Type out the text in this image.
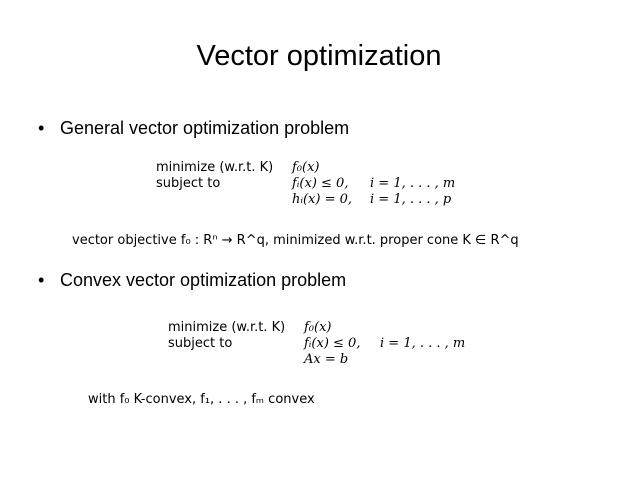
Vector optimization
• General vector optimization problem
minimize (w.r.t. K) f₀(x)
subject to	fᵢ(x) ≤ 0, i = 1, . . . , m
hᵢ(x) = 0, i = 1, . . . , p
vector objective f₀ : Rⁿ → R^q, minimized w.r.t. proper cone K ∈ R^q
• Convex vector optimization problem
minimize (w.r.t. K) f₀(x)
subject to	fᵢ(x) ≤ 0, i = 1, . . . , m
Ax = b
with f₀ K-convex, f₁, . . . , fₘ convex
